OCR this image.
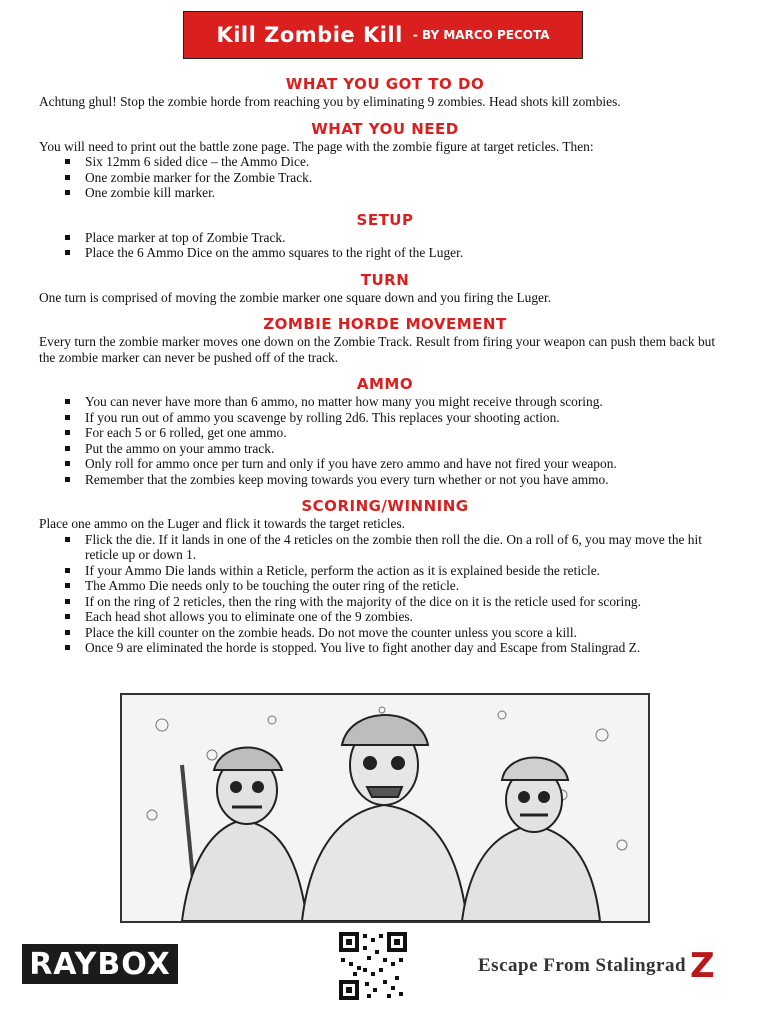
Kill Zombie Kill - BY MARCO PECOTA
WHAT YOU GOT TO DO

Achtung ghul! Stop the zombie horde from reaching you by eliminating 9 zombies. Head shots kill zombies.

WHAT YOU NEED

You will need to print out the battle zone page. The page with the zombie figure at target reticles. Then:

Six 12mm 6 sided dice – the Ammo Dice.
One zombie marker for the Zombie Track.
One zombie kill marker.
SETUP
Place marker at top of Zombie Track.
Place the 6 Ammo Dice on the ammo squares to the right of the Luger.
TURN

One turn is comprised of moving the zombie marker one square down and you firing the Luger.

ZOMBIE HORDE MOVEMENT

Every turn the zombie marker moves one down on the Zombie Track. Result from firing your weapon can push them back but the zombie marker can never be pushed off of the track.

AMMO
You can never have more than 6 ammo, no matter how many you might receive through scoring.
If you run out of ammo you scavenge by rolling 2d6. This replaces your shooting action.
For each 5 or 6 rolled, get one ammo.
Put the ammo on your ammo track.
Only roll for ammo once per turn and only if you have zero ammo and have not fired your weapon.
Remember that the zombies keep moving towards you every turn whether or not you have ammo.
SCORING/WINNING

Place one ammo on the Luger and flick it towards the target reticles.

Flick the die. If it lands in one of the 4 reticles on the zombie then roll the die. On a roll of 6, you may move the hit reticle up or down 1.
If your Ammo Die lands within a Reticle, perform the action as it is explained beside the reticle.
The Ammo Die needs only to be touching the outer ring of the reticle.
If on the ring of 2 reticles, then the ring with the majority of the dice on it is the reticle used for scoring.
Each head shot allows you to eliminate one of the 9 zombies.
Place the kill counter on the zombie heads. Do not move the counter unless you score a kill.
Once 9 are eliminated the horde is stopped. You live to fight another day and Escape from Stalingrad Z.
RAYBOX	Escape From Stalingrad Z
